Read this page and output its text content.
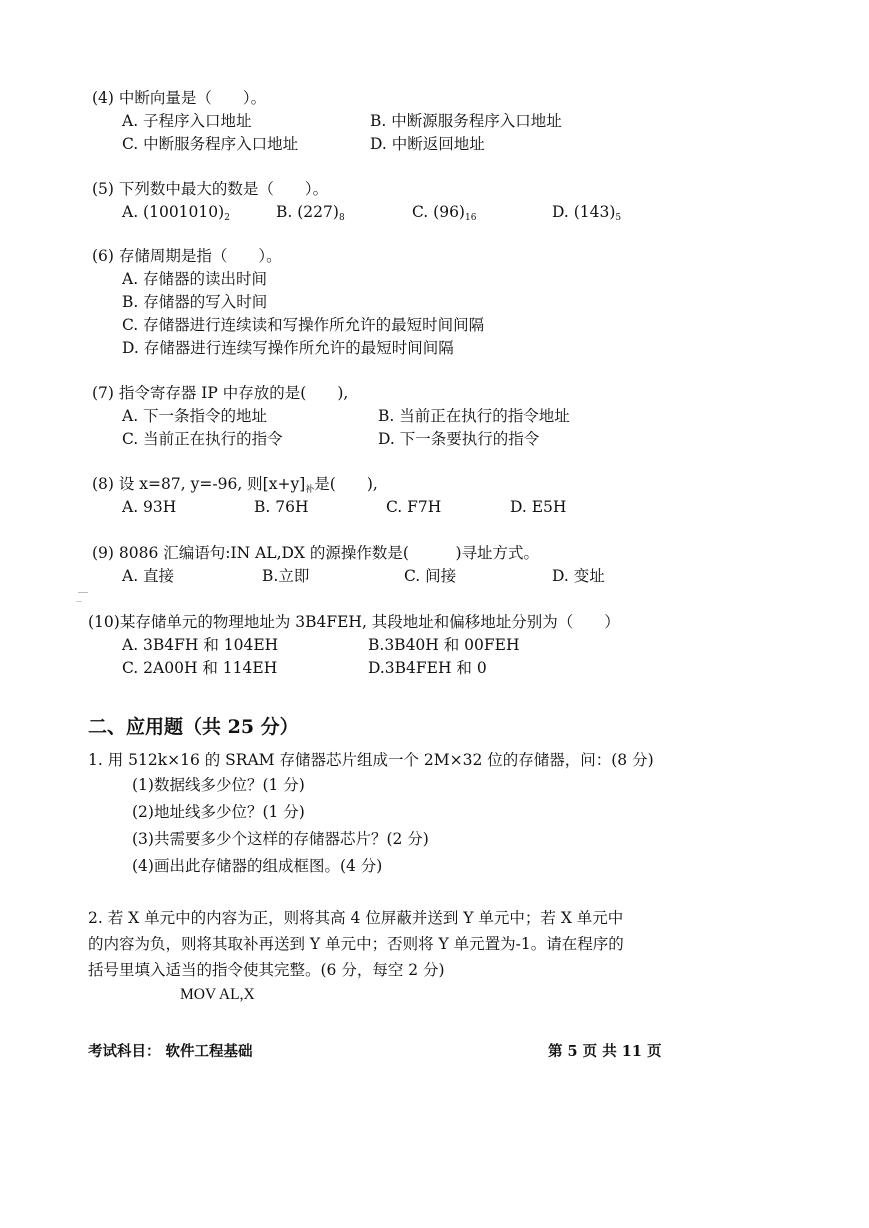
(4) 中断向量是（　　）。
A. 子程序入口地址	B. 中断源服务程序入口地址
C. 中断服务程序入口地址	D. 中断返回地址
(5) 下列数中最大的数是（　　）。
A. $(1001010)_2$	B. $(227)_8$	C. $(96)_{16}$	D. $(143)_5$
(6) 存储周期是指（　　）。
A. 存储器的读出时间
B. 存储器的写入时间
C. 存储器进行连续读和写操作所允许的最短时间间隔
D. 存储器进行连续写操作所允许的最短时间间隔
(7) 指令寄存器 IP 中存放的是(　　),
A. 下一条指令的地址	B. 当前正在执行的指令地址
C. 当前正在执行的指令	D. 下一条要执行的指令
(8) 设 x=87, y=-96, 则$[x+y]_补$是(　　),
A. 93H	B. 76H	C. F7H	D. E5H
(9) 8086 汇编语句:IN AL,DX 的源操作数是(　　　)寻址方式。
A. 直接	B.立即	C. 间接	D. 变址
(10)某存储单元的物理地址为 3B4FEH, 其段地址和偏移地址分别为（　　）
A. 3B4FH 和 104EH	B.3B40H 和 00FEH
C. 2A00H 和 114EH	D.3B4FEH 和 0
二、应用题（共 25 分）
1. 用 512k×16 的 SRAM 存储器芯片组成一个 2M×32 位的存储器，问：(8 分)
(1)数据线多少位？(1 分)
(2)地址线多少位？(1 分)
(3)共需要多少个这样的存储器芯片？(2 分)
(4)画出此存储器的组成框图。(4 分)
2. 若 X 单元中的内容为正，则将其高 4 位屏蔽并送到 Y 单元中；若 X 单元中
的内容为负，则将其取补再送到 Y 单元中；否则将 Y 单元置为-1。请在程序的
括号里填入适当的指令使其完整。(6 分，每空 2 分)
MOV AL,X
考试科目： 软件工程基础	第 5 页 共 11 页
